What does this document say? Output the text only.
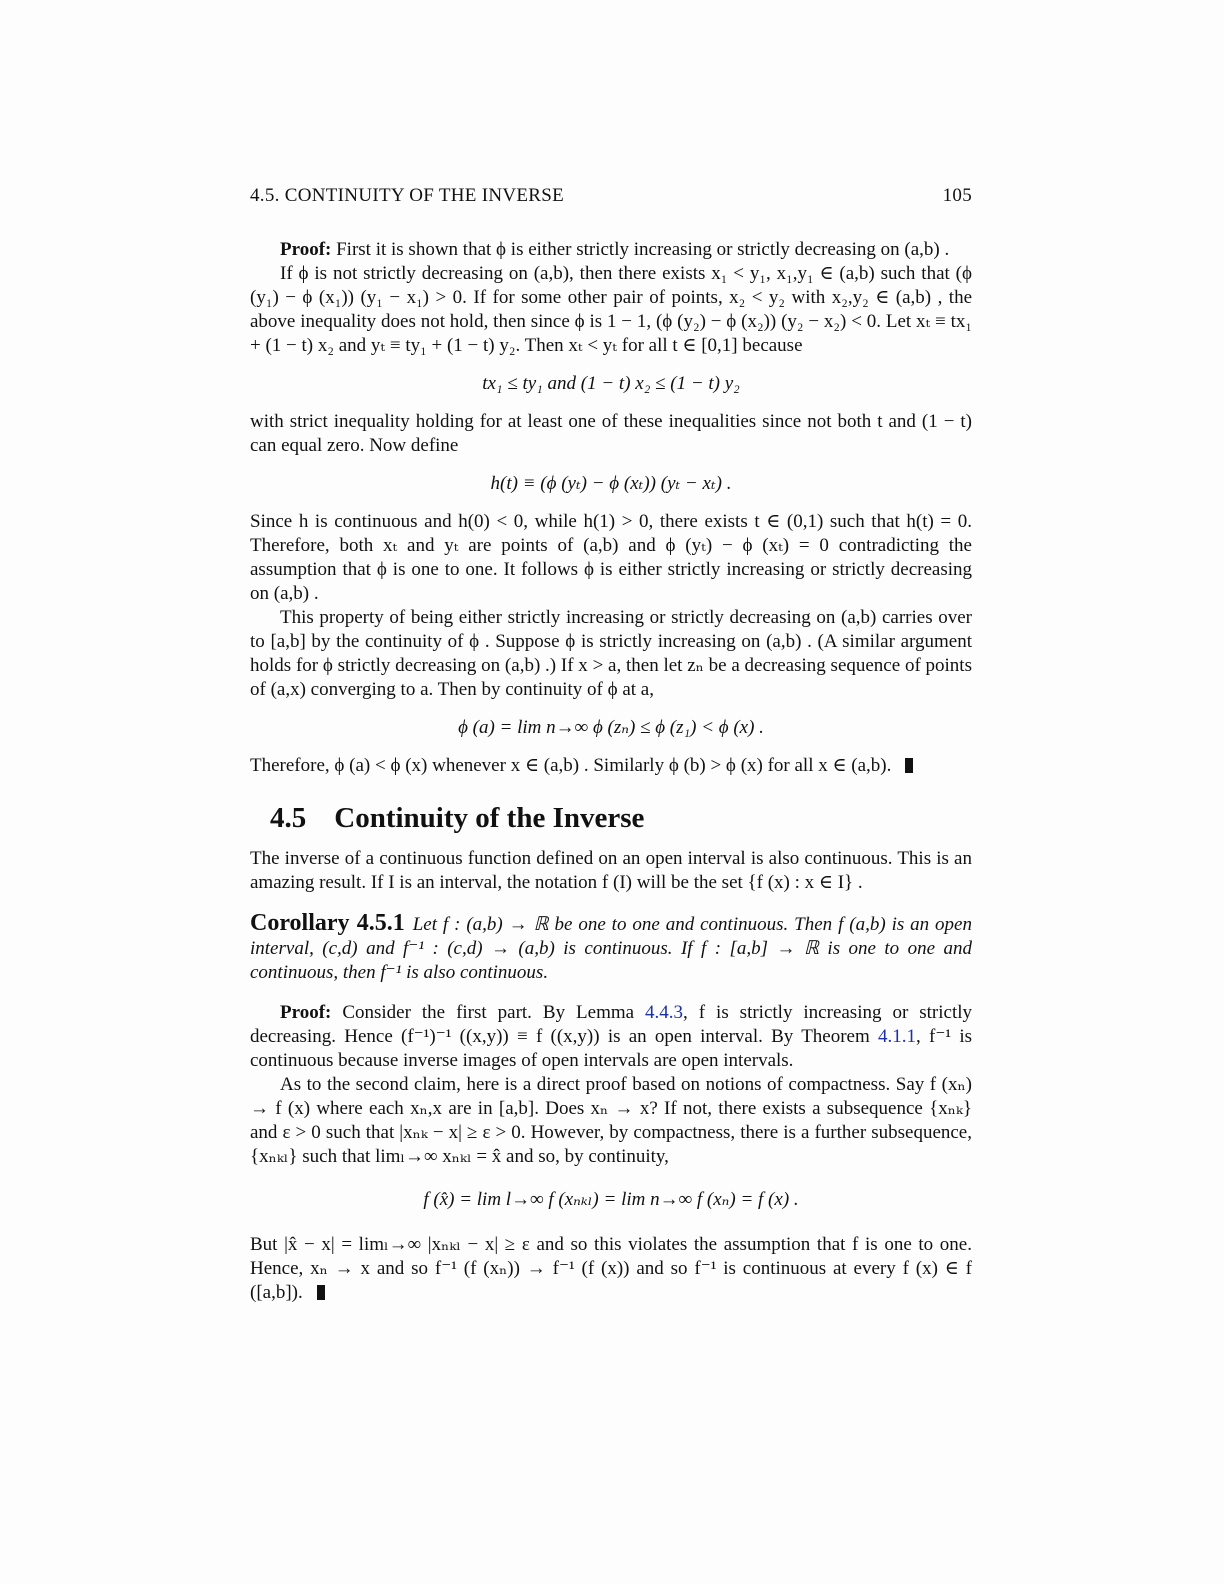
4.5. CONTINUITY OF THE INVERSE	105

Proof: First it is shown that ϕ is either strictly increasing or strictly decreasing on (a,b) .

If ϕ is not strictly decreasing on (a,b), then there exists x₁ < y₁, x₁,y₁ ∈ (a,b) such that (ϕ (y₁) − ϕ (x₁)) (y₁ − x₁) > 0. If for some other pair of points, x₂ < y₂ with x₂,y₂ ∈ (a,b) , the above inequality does not hold, then since ϕ is 1 − 1, (ϕ (y₂) − ϕ (x₂)) (y₂ − x₂) < 0. Let xₜ ≡ tx₁ + (1 − t) x₂ and yₜ ≡ ty₁ + (1 − t) y₂. Then xₜ < yₜ for all t ∈ [0,1] because

tx₁ ≤ ty₁ and (1 − t) x₂ ≤ (1 − t) y₂

with strict inequality holding for at least one of these inequalities since not both t and (1 − t) can equal zero. Now define

h(t) ≡ (ϕ (yₜ) − ϕ (xₜ)) (yₜ − xₜ) .

Since h is continuous and h(0) < 0, while h(1) > 0, there exists t ∈ (0,1) such that h(t) = 0. Therefore, both xₜ and yₜ are points of (a,b) and ϕ (yₜ) − ϕ (xₜ) = 0 contradicting the assumption that ϕ is one to one. It follows ϕ is either strictly increasing or strictly decreasing on (a,b) .

This property of being either strictly increasing or strictly decreasing on (a,b) carries over to [a,b] by the continuity of ϕ . Suppose ϕ is strictly increasing on (a,b) . (A similar argument holds for ϕ strictly decreasing on (a,b) .) If x > a, then let zₙ be a decreasing sequence of points of (a,x) converging to a. Then by continuity of ϕ at a,

ϕ (a) = lim n→∞ ϕ (zₙ) ≤ ϕ (z₁) < ϕ (x) .

Therefore, ϕ (a) < ϕ (x) whenever x ∈ (a,b) . Similarly ϕ (b) > ϕ (x) for all x ∈ (a,b).

4.5 Continuity of the Inverse

The inverse of a continuous function defined on an open interval is also continuous. This is an amazing result. If I is an interval, the notation f (I) will be the set {f (x) : x ∈ I} .

Corollary 4.5.1 Let f : (a,b) → ℝ be one to one and continuous. Then f (a,b) is an open interval, (c,d) and f⁻¹ : (c,d) → (a,b) is continuous. If f : [a,b] → ℝ is one to one and continuous, then f⁻¹ is also continuous.

Proof: Consider the first part. By Lemma 4.4.3, f is strictly increasing or strictly decreasing. Hence (f⁻¹)⁻¹ ((x,y)) ≡ f ((x,y)) is an open interval. By Theorem 4.1.1, f⁻¹ is continuous because inverse images of open intervals are open intervals.

As to the second claim, here is a direct proof based on notions of compactness. Say f (xₙ) → f (x) where each xₙ,x are in [a,b]. Does xₙ → x? If not, there exists a subsequence {xₙₖ} and ε > 0 such that |xₙₖ − x| ≥ ε > 0. However, by compactness, there is a further subsequence, {xₙₖₗ} such that limₗ→∞ xₙₖₗ = x̂ and so, by continuity,

f (x̂) = lim l→∞ f (xₙₖₗ) = lim n→∞ f (xₙ) = f (x) .

But |x̂ − x| = limₗ→∞ |xₙₖₗ − x| ≥ ε and so this violates the assumption that f is one to one. Hence, xₙ → x and so f⁻¹ (f (xₙ)) → f⁻¹ (f (x)) and so f⁻¹ is continuous at every f (x) ∈ f ([a,b]).
